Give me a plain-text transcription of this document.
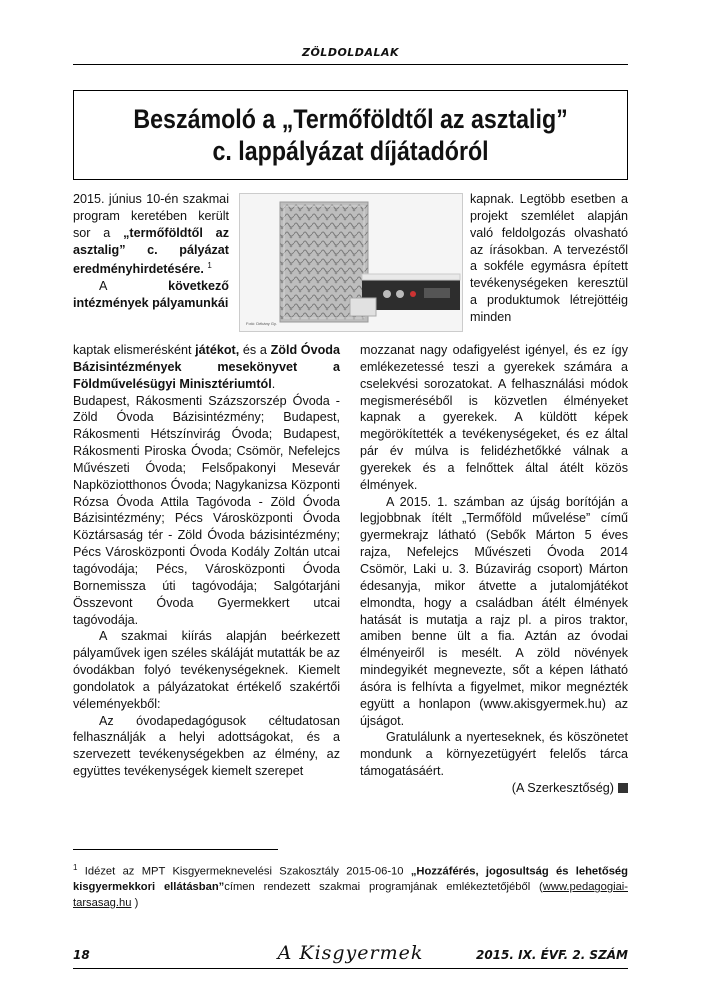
ZÖLDOLDALAK
Beszámoló a „Termőföldtől az asztalig”
c. lappályázat díjátadóról

2015. június 10-én szakmai program keretében került sor a „termőföldtől az asztalig” c. pályázat eredményhirdetésére. $^1$

A következő intézmények pályamunkái

Fotó: Dékány Gy.

kapnak. Legtöbb esetben a projekt szemlélet alapján való feldolgozás olvasható az írásokban. A tervezéstől a sokféle egymásra épített tevékenységeken keresztül a produktumok létrejöttéig minden

kaptak elismerésként játékot, és a Zöld Óvoda Bázisintézmények mesekönyvet a Földművelésügyi Minisztériumtól.

Budapest, Rákosmenti Százszorszép Óvoda - Zöld Óvoda Bázisintézmény; Budapest, Rákosmenti Hétszínvirág Óvoda; Budapest, Rákosmenti Piroska Óvoda; Csömör, Nefelejcs Művészeti Óvoda; Felsőpakonyi Mesevár Napköziotthonos Óvoda; Nagykanizsa Központi Rózsa Óvoda Attila Tagóvoda - Zöld Óvoda Bázisintézmény; Pécs Városközponti Óvoda Köztársaság tér - Zöld Óvoda bázisintézmény; Pécs Városközponti Óvoda Kodály Zoltán utcai tagóvodája; Pécs, Városközponti Óvoda Bornemissza úti tagóvodája; Salgótarjáni Összevont Óvoda Gyermekkert utcai tagóvodája.

A szakmai kiírás alapján beérkezett pályaművek igen széles skáláját mutatták be az óvodákban folyó tevékenységeknek. Kiemelt gondolatok a pályázatokat értékelő szakértői véleményekből:

Az óvodapedagógusok céltudatosan felhasználják a helyi adottságokat, és a szervezett tevékenységekben az élmény, az együttes tevékenységek kiemelt szerepet

mozzanat nagy odafigyelést igényel, és ez így emlékezetessé teszi a gyerekek számára a cselekvési sorozatokat. A felhasználási módok megismeréséből is közvetlen élményeket kapnak a gyerekek. A küldött képek megörökítették a tevékenységeket, és ez által pár év múlva is felidézhetőkké válnak a gyerekek és a felnőttek által átélt közös élmények.

A 2015. 1. számban az újság borítóján a legjobbnak ítélt „Termőföld művelése” című gyermekrajz látható (Sebők Márton 5 éves rajza, Nefelejcs Művészeti Óvoda 2014 Csömör, Laki u. 3. Búzavirág csoport) Márton édesanyja, mikor átvette a jutalomjátékot elmondta, hogy a családban átélt élmények hatását is mutatja a rajz pl. a piros traktor, amiben benne ült a fia. Aztán az óvodai élményeiről is mesélt. A zöld növények mindegyikét megnevezte, sőt a képen látható ásóra is felhívta a figyelmet, mikor megnézték együtt a honlapon (www.akisgyermek.hu) az újságot.

Gratulálunk a nyerteseknek, és köszönetet mondunk a környezetügyért felelős tárca támogatásáért.

(A Szerkesztőség)

$^1$ Idézet az MPT Kisgyermeknevelési Szakosztály 2015-06-10 „Hozzáférés, jogosultság és lehetőség kisgyermekkori ellátásban”címen rendezett szakmai programjának emlékeztetőjéből (www.pedagogiai-tarsasag.hu )
18	A Kisgyermek	2015. IX. ÉVF. 2. SZÁM
